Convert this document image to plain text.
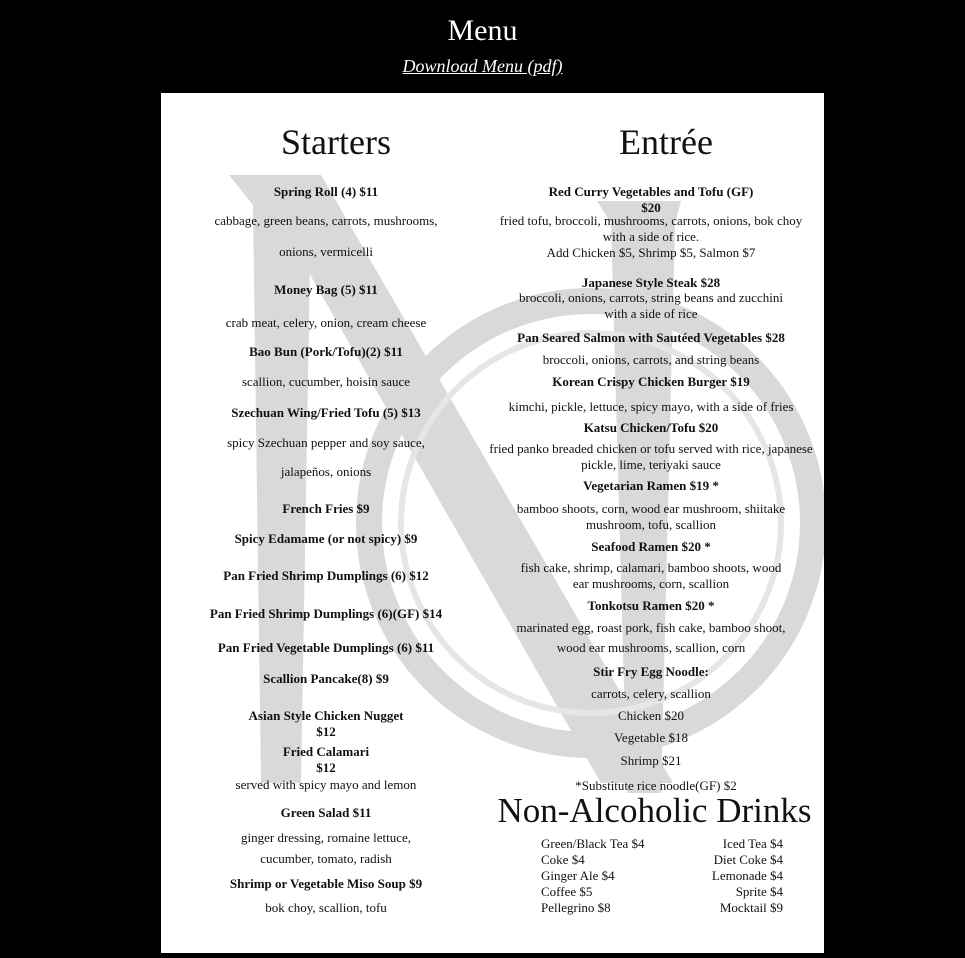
Menu
Download Menu (pdf)
Starters	Entrée
Spring Roll (4) $11
cabbage, green beans, carrots, mushrooms,
onions, vermicelli
Money Bag (5) $11
crab meat, celery, onion, cream cheese
Bao Bun (Pork/Tofu)(2) $11
scallion, cucumber, hoisin sauce
Szechuan Wing/Fried Tofu (5) $13
spicy Szechuan pepper and soy sauce,
jalapeños, onions
French Fries $9
Spicy Edamame (or not spicy) $9
Pan Fried Shrimp Dumplings (6) $12
Pan Fried Shrimp Dumplings (6)(GF) $14
Pan Fried Vegetable Dumplings (6) $11
Scallion Pancake(8) $9
Asian Style Chicken Nugget
$12
Fried Calamari
$12
served with spicy mayo and lemon
Green Salad $11
ginger dressing, romaine lettuce,
cucumber, tomato, radish
Shrimp or Vegetable Miso Soup $9
bok choy, scallion, tofu
Red Curry Vegetables and Tofu (GF)
$20
fried tofu, broccoli, mushrooms, carrots, onions, bok choy
with a side of rice.
Add Chicken $5, Shrimp $5, Salmon $7
Japanese Style Steak $28
broccoli, onions, carrots, string beans and zucchini
with a side of rice
Pan Seared Salmon with Sautéed Vegetables $28
broccoli, onions, carrots, and string beans
Korean Crispy Chicken Burger $19
kimchi, pickle, lettuce, spicy mayo, with a side of fries
Katsu Chicken/Tofu $20
fried panko breaded chicken or tofu served with rice, japanese
pickle, lime, teriyaki sauce
Vegetarian Ramen $19 *
bamboo shoots, corn, wood ear mushroom, shiitake
mushroom, tofu, scallion
Seafood Ramen $20 *
fish cake, shrimp, calamari, bamboo shoots, wood
ear mushrooms, corn, scallion
Tonkotsu Ramen $20 *
marinated egg, roast pork, fish cake, bamboo shoot,
wood ear mushrooms, scallion, corn
Stir Fry Egg Noodle:
carrots, celery, scallion
Chicken $20
Vegetable $18
Shrimp $21
*Substitute rice noodle(GF) $2
Non-Alcoholic Drinks
Green/Black Tea $4
Coke $4
Ginger Ale $4
Coffee $5
Pellegrino $8
Iced Tea $4
Diet Coke $4
Lemonade $4
Sprite $4
Mocktail $9
